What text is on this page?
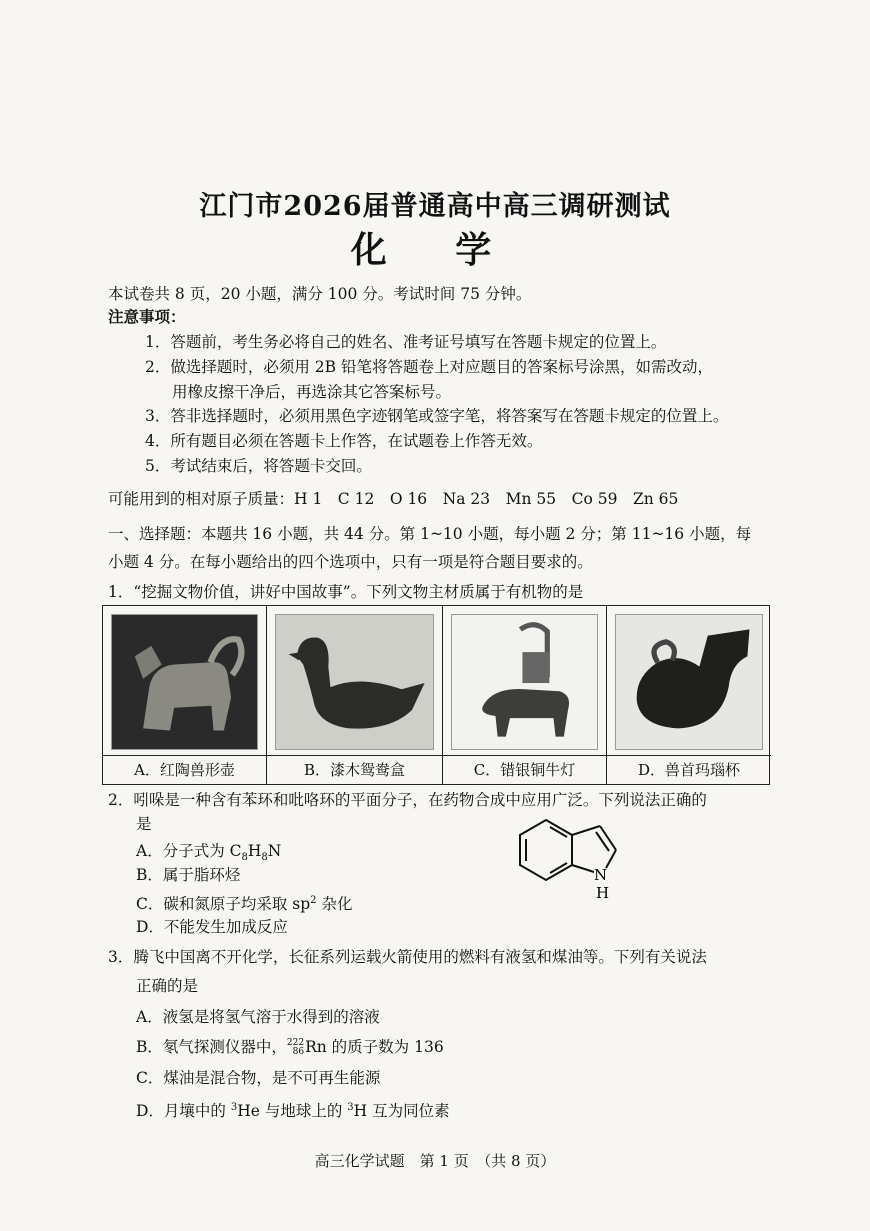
江门市2026届普通高中高三调研测试
化 学
本试卷共 8 页，20 小题，满分 100 分。考试时间 75 分钟。
注意事项：
1．答题前，考生务必将自己的姓名、准考证号填写在答题卡规定的位置上。
2．做选择题时，必须用 2B 铅笔将答题卷上对应题目的答案标号涂黑，如需改动，
用橡皮擦干净后，再选涂其它答案标号。
3．答非选择题时，必须用黑色字迹钢笔或签字笔，将答案写在答题卡规定的位置上。
4．所有题目必须在答题卡上作答，在试题卷上作答无效。
5．考试结束后，将答题卡交回。
可能用到的相对原子质量：H 1　C 12　O 16　Na 23　Mn 55　Co 59　Zn 65
一、选择题：本题共 16 小题，共 44 分。第 1~10 小题，每小题 2 分；第 11~16 小题，每
小题 4 分。在每小题给出的四个选项中，只有一项是符合题目要求的。
1．“挖掘文物价值，讲好中国故事”。下列文物主材质属于有机物的是
A．红陶兽形壶	B．漆木鸳鸯盒	C．错银铜牛灯	D．兽首玛瑙杯
2．吲哚是一种含有苯环和吡咯环的平面分子，在药物合成中应用广泛。下列说法正确的
是
A．分子式为 $C_8H_8N$
B．属于脂环烃
C．碳和氮原子均采取 $sp^2$ 杂化
D．不能发生加成反应
N
H
3．腾飞中国离不开化学，长征系列运载火箭使用的燃料有液氢和煤油等。下列有关说法
正确的是
A．液氢是将氢气溶于水得到的溶液
B．氡气探测仪器中，222
86Rn 的质子数为 136
C．煤油是混合物，是不可再生能源
D．月壤中的 $^3$He 与地球上的 $^3$H 互为同位素
高三化学试题　第 1 页　（共 8 页）
